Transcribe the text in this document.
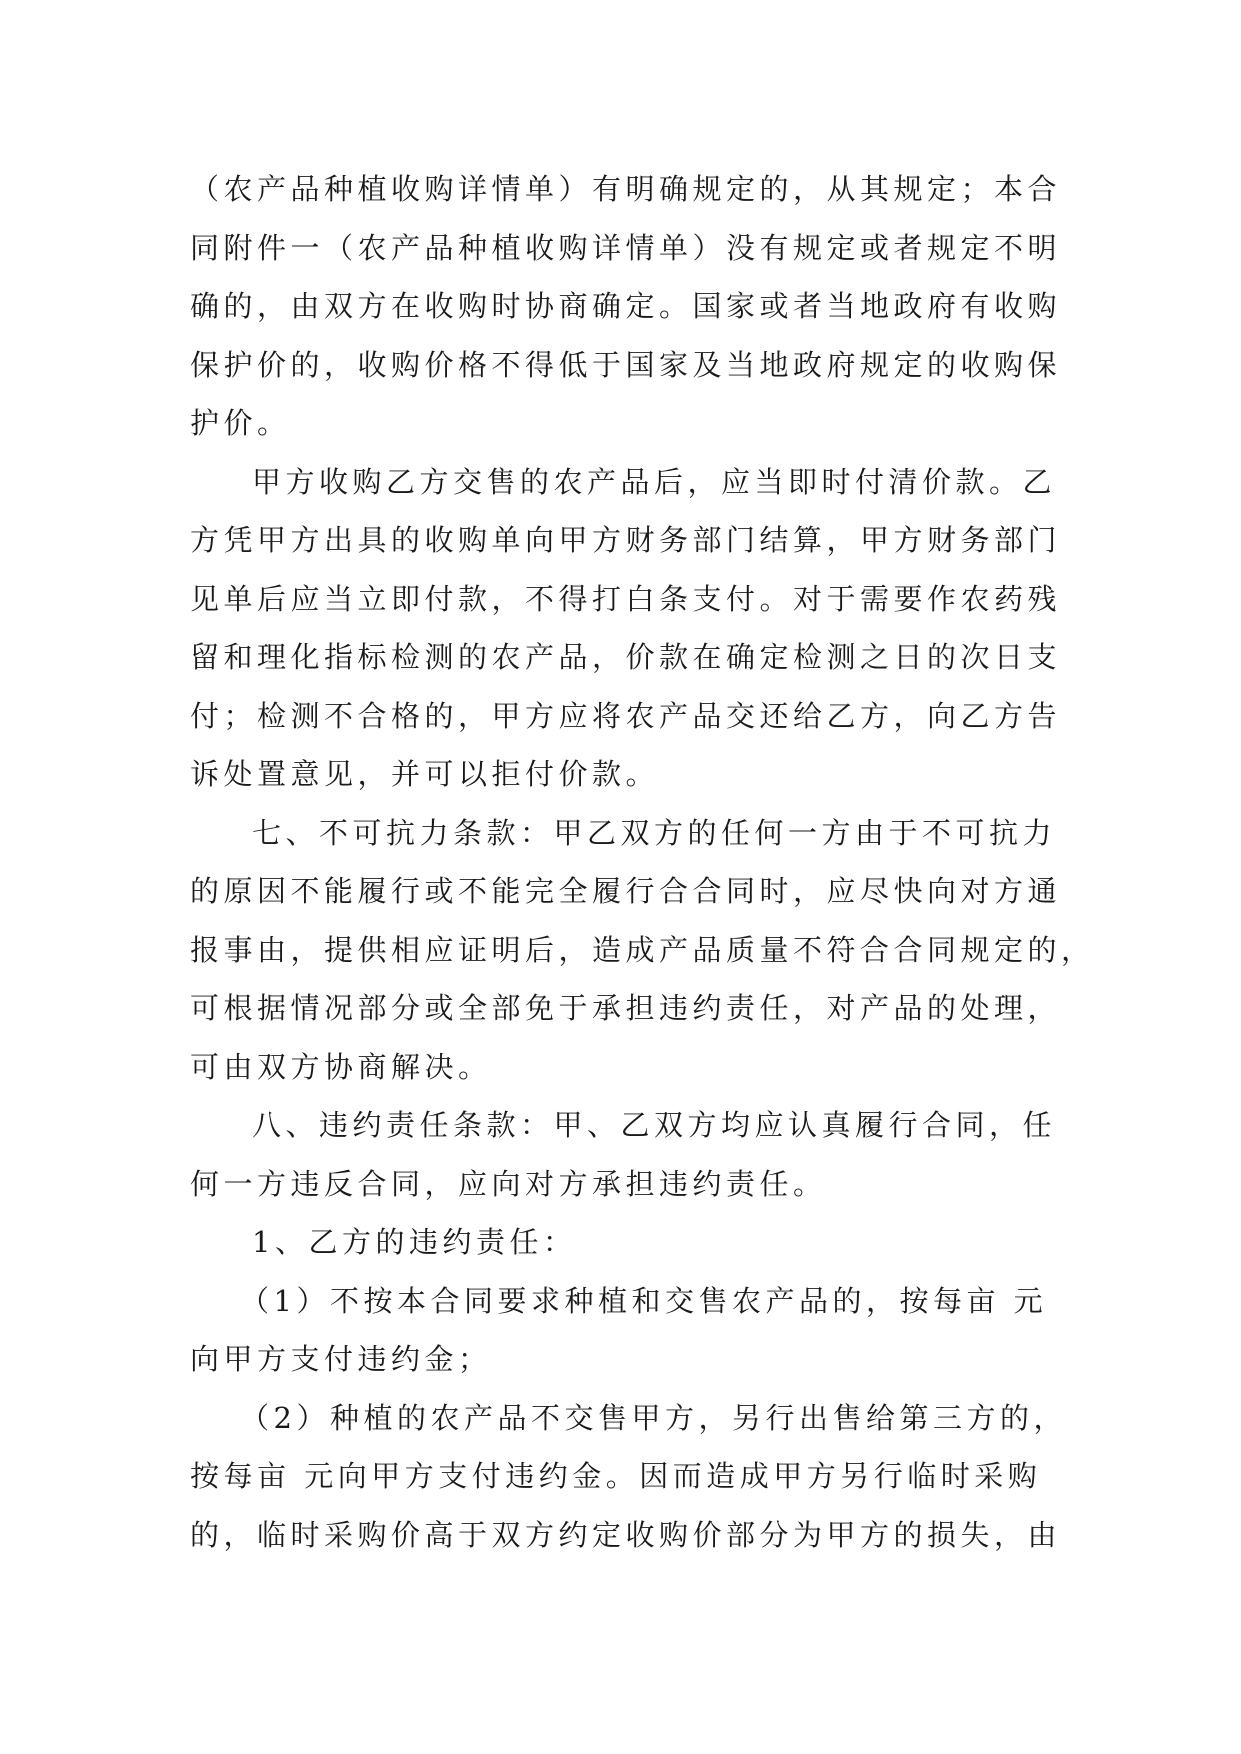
（农产品种植收购详情单）有明确规定的，从其规定；本合
同附件一（农产品种植收购详情单）没有规定或者规定不明
确的，由双方在收购时协商确定。国家或者当地政府有收购
保护价的，收购价格不得低于国家及当地政府规定的收购保
护价。
甲方收购乙方交售的农产品后，应当即时付清价款。乙
方凭甲方出具的收购单向甲方财务部门结算，甲方财务部门
见单后应当立即付款，不得打白条支付。对于需要作农药残
留和理化指标检测的农产品，价款在确定检测之日的次日支
付；检测不合格的，甲方应将农产品交还给乙方，向乙方告
诉处置意见，并可以拒付价款。
七、不可抗力条款：甲乙双方的任何一方由于不可抗力
的原因不能履行或不能完全履行合合同时，应尽快向对方通
报事由，提供相应证明后，造成产品质量不符合合同规定的，
可根据情况部分或全部免于承担违约责任，对产品的处理，
可由双方协商解决。
八、违约责任条款：甲、乙双方均应认真履行合同，任
何一方违反合同，应向对方承担违约责任。
1、乙方的违约责任：
（1）不按本合同要求种植和交售农产品的，按每亩 元
向甲方支付违约金；
（2）种植的农产品不交售甲方，另行出售给第三方的，
按每亩 元向甲方支付违约金。因而造成甲方另行临时采购
的，临时采购价高于双方约定收购价部分为甲方的损失，由
